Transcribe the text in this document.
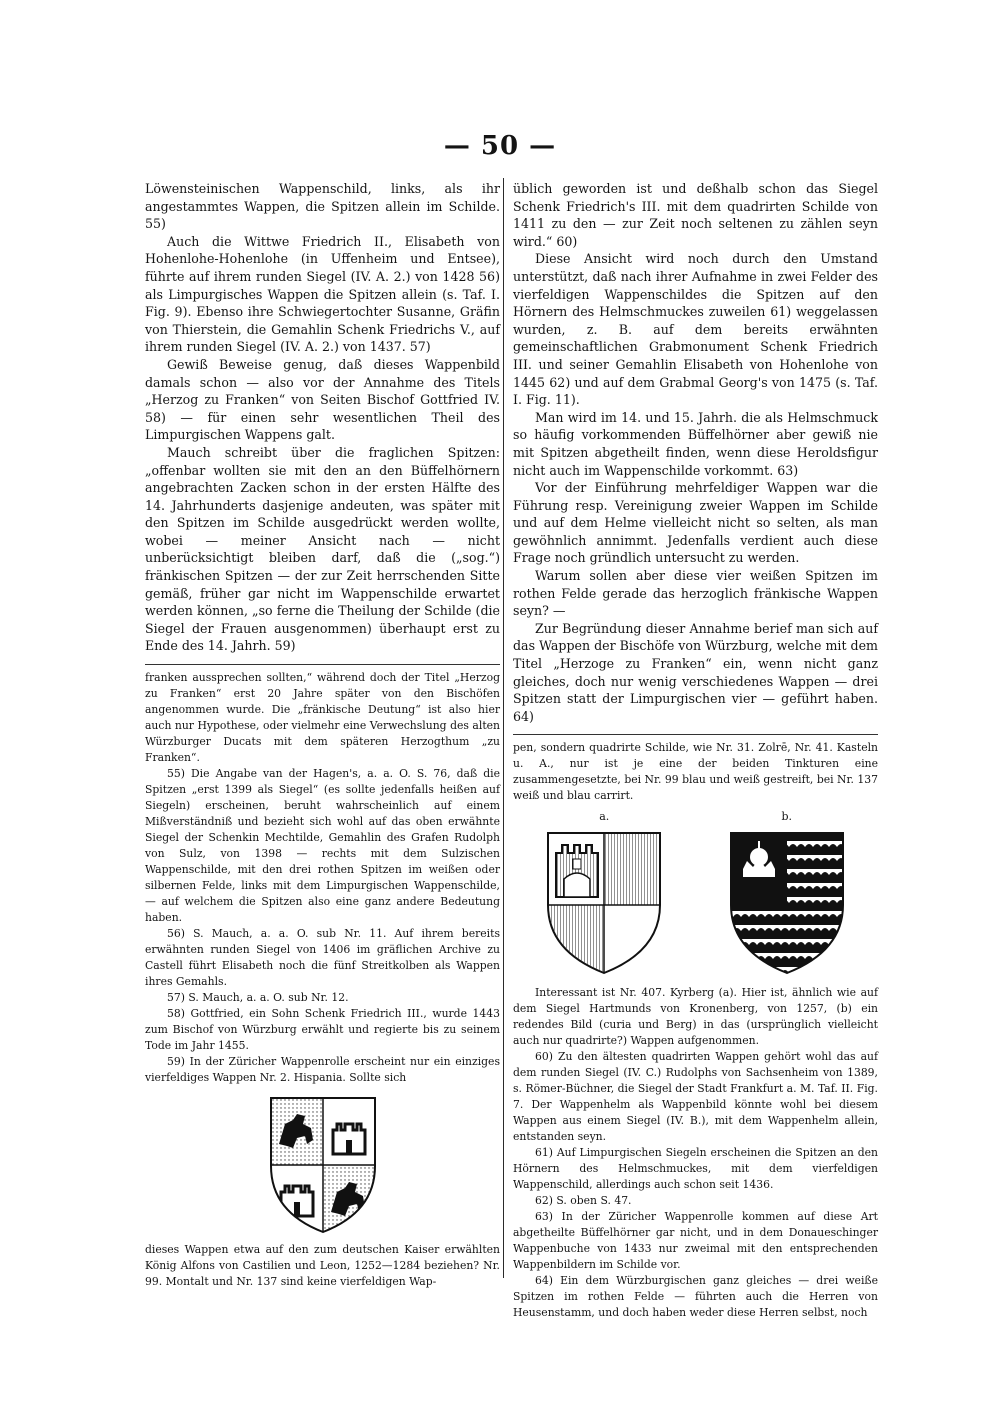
— 50 —

Löwensteinischen Wappenschild, links, als ihr angestammtes Wappen, die Spitzen allein im Schilde. 55)

Auch die Wittwe Friedrich II., Elisabeth von Hohenlohe-Hohenlohe (in Uffenheim und Entsee), führte auf ihrem runden Siegel (IV. A. 2.) von 1428 56) als Limpurgisches Wappen die Spitzen allein (s. Taf. I. Fig. 9). Ebenso ihre Schwiegertochter Susanne, Gräfin von Thierstein, die Gemahlin Schenk Friedrichs V., auf ihrem runden Siegel (IV. A. 2.) von 1437. 57)

Gewiß Beweise genug, daß dieses Wappenbild damals schon — also vor der Annahme des Titels „Herzog zu Franken“ von Seiten Bischof Gottfried IV. 58) — für einen sehr wesentlichen Theil des Limpurgischen Wappens galt.

Mauch schreibt über die fraglichen Spitzen: „offenbar wollten sie mit den an den Büffelhörnern angebrachten Zacken schon in der ersten Hälfte des 14. Jahrhunderts dasjenige andeuten, was später mit den Spitzen im Schilde ausgedrückt werden wollte, wobei — meiner Ansicht nach — nicht unberücksichtigt bleiben darf, daß die („sog.“) fränkischen Spitzen — der zur Zeit herrschenden Sitte gemäß, früher gar nicht im Wappenschilde erwartet werden können, „so ferne die Theilung der Schilde (die Siegel der Frauen ausgenommen) überhaupt erst zu Ende des 14. Jahrh. 59)

franken aussprechen sollten,“ während doch der Titel „Herzog zu Franken“ erst 20 Jahre später von den Bischöfen angenommen wurde. Die „fränkische Deutung“ ist also hier auch nur Hypothese, oder vielmehr eine Verwechslung des alten Würzburger Ducats mit dem späteren Herzogthum „zu Franken“.

55) Die Angabe van der Hagen's, a. a. O. S. 76, daß die Spitzen „erst 1399 als Siegel“ (es sollte jedenfalls heißen auf Siegeln) erscheinen, beruht wahrscheinlich auf einem Mißverständniß und bezieht sich wohl auf das oben erwähnte Siegel der Schenkin Mechtilde, Gemahlin des Grafen Rudolph von Sulz, von 1398 — rechts mit dem Sulzischen Wappenschilde, mit den drei rothen Spitzen im weißen oder silbernen Felde, links mit dem Limpurgischen Wappenschilde, — auf welchem die Spitzen also eine ganz andere Bedeutung haben.

56) S. Mauch, a. a. O. sub Nr. 11. Auf ihrem bereits erwähnten runden Siegel von 1406 im gräflichen Archive zu Castell führt Elisabeth noch die fünf Streitkolben als Wappen ihres Gemahls.

57) S. Mauch, a. a. O. sub Nr. 12.

58) Gottfried, ein Sohn Schenk Friedrich III., wurde 1443 zum Bischof von Würzburg erwählt und regierte bis zu seinem Tode im Jahr 1455.

59) In der Züricher Wappenrolle erscheint nur ein einziges vierfeldiges Wappen Nr. 2. Hispania. Sollte sich

dieses Wappen etwa auf den zum deutschen Kaiser erwählten König Alfons von Castilien und Leon, 1252—1284 beziehen? Nr. 99. Montalt und Nr. 137 sind keine vierfeldigen Wap-

üblich geworden ist und deßhalb schon das Siegel Schenk Friedrich's III. mit dem quadrirten Schilde von 1411 zu den — zur Zeit noch seltenen zu zählen seyn wird.“ 60)

Diese Ansicht wird noch durch den Umstand unterstützt, daß nach ihrer Aufnahme in zwei Felder des vierfeldigen Wappenschildes die Spitzen auf den Hörnern des Helmschmuckes zuweilen 61) weggelassen wurden, z. B. auf dem bereits erwähnten gemeinschaftlichen Grabmonument Schenk Friedrich III. und seiner Gemahlin Elisabeth von Hohenlohe von 1445 62) und auf dem Grabmal Georg's von 1475 (s. Taf. I. Fig. 11).

Man wird im 14. und 15. Jahrh. die als Helmschmuck so häufig vorkommenden Büffelhörner aber gewiß nie mit Spitzen abgetheilt finden, wenn diese Heroldsfigur nicht auch im Wappenschilde vorkommt. 63)

Vor der Einführung mehrfeldiger Wappen war die Führung resp. Vereinigung zweier Wappen im Schilde und auf dem Helme vielleicht nicht so selten, als man gewöhnlich annimmt. Jedenfalls verdient auch diese Frage noch gründlich untersucht zu werden.

Warum sollen aber diese vier weißen Spitzen im rothen Felde gerade das herzoglich fränkische Wappen seyn? —

Zur Begründung dieser Annahme berief man sich auf das Wappen der Bischöfe von Würzburg, welche mit dem Titel „Herzoge zu Franken“ ein, wenn nicht ganz gleiches, doch nur wenig verschiedenes Wappen — drei Spitzen statt der Limpurgischen vier — geführt haben. 64)

pen, sondern quadrirte Schilde, wie Nr. 31. Zolrē, Nr. 41. Kasteln u. A., nur ist je eine der beiden Tinkturen eine zusammengesetzte, bei Nr. 99 blau und weiß gestreift, bei Nr. 137 weiß und blau carrirt.

a.	b.

Interessant ist Nr. 407. Kyrberg (a). Hier ist, ähnlich wie auf dem Siegel Hartmunds von Kronenberg, von 1257, (b) ein redendes Bild (curia und Berg) in das (ursprünglich vielleicht auch nur quadrirte?) Wappen aufgenommen.

60) Zu den ältesten quadrirten Wappen gehört wohl das auf dem runden Siegel (IV. C.) Rudolphs von Sachsenheim von 1389, s. Römer-Büchner, die Siegel der Stadt Frankfurt a. M. Taf. II. Fig. 7. Der Wappenhelm als Wappenbild könnte wohl bei diesem Wappen aus einem Siegel (IV. B.), mit dem Wappenhelm allein, entstanden seyn.

61) Auf Limpurgischen Siegeln erscheinen die Spitzen an den Hörnern des Helmschmuckes, mit dem vierfeldigen Wappenschild, allerdings auch schon seit 1436.

62) S. oben S. 47.

63) In der Züricher Wappenrolle kommen auf diese Art abgetheilte Büffelhörner gar nicht, und in dem Donaueschinger Wappenbuche von 1433 nur zweimal mit den entsprechenden Wappenbildern im Schilde vor.

64) Ein dem Würzburgischen ganz gleiches — drei weiße Spitzen im rothen Felde — führten auch die Herren von Heusenstamm, und doch haben weder diese Herren selbst, noch
